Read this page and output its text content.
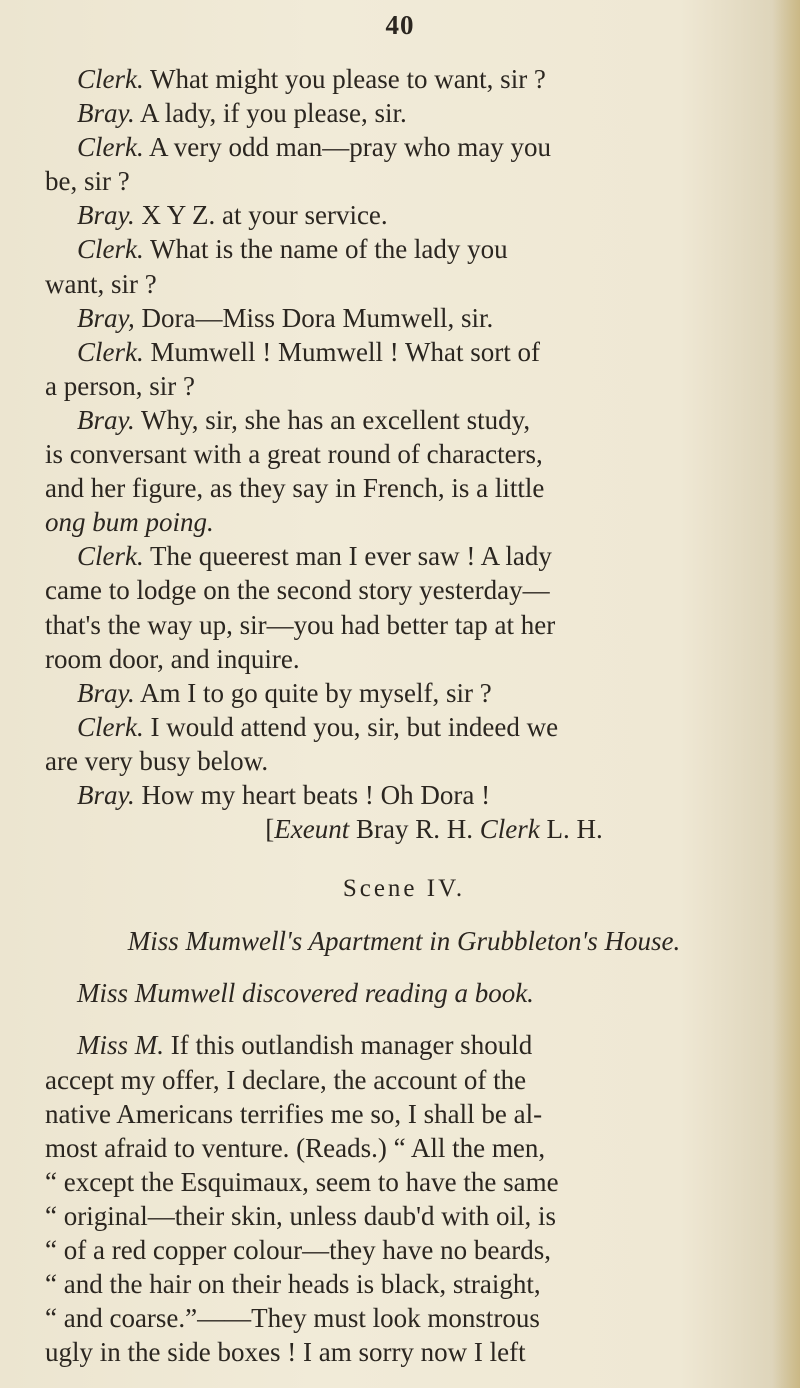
40
Clerk. What might you please to want, sir ?
Bray. A lady, if you please, sir.
Clerk. A very odd man—pray who may you
be, sir ?
Bray. X Y Z. at your service.
Clerk. What is the name of the lady you
want, sir ?
Bray, Dora—Miss Dora Mumwell, sir.
Clerk. Mumwell ! Mumwell ! What sort of
a person, sir ?
Bray. Why, sir, she has an excellent study,
is conversant with a great round of characters,
and her figure, as they say in French, is a little
ong bum poing.
Clerk. The queerest man I ever saw ! A lady
came to lodge on the second story yesterday—
that's the way up, sir—you had better tap at her
room door, and inquire.
Bray. Am I to go quite by myself, sir ?
Clerk. I would attend you, sir, but indeed we
are very busy below.
Bray. How my heart beats ! Oh Dora !
[Exeunt Bray R. H. Clerk L. H.
Scene IV.
Miss Mumwell's Apartment in Grubbleton's House.
Miss Mumwell discovered reading a book.
Miss M. If this outlandish manager should
accept my offer, I declare, the account of the
native Americans terrifies me so, I shall be al-
most afraid to venture. (Reads.) “ All the men,
“ except the Esquimaux, seem to have the same
“ original—their skin, unless daub'd with oil, is
“ of a red copper colour—they have no beards,
“ and the hair on their heads is black, straight,
“ and coarse.”——They must look monstrous
ugly in the side boxes ! I am sorry now I left
